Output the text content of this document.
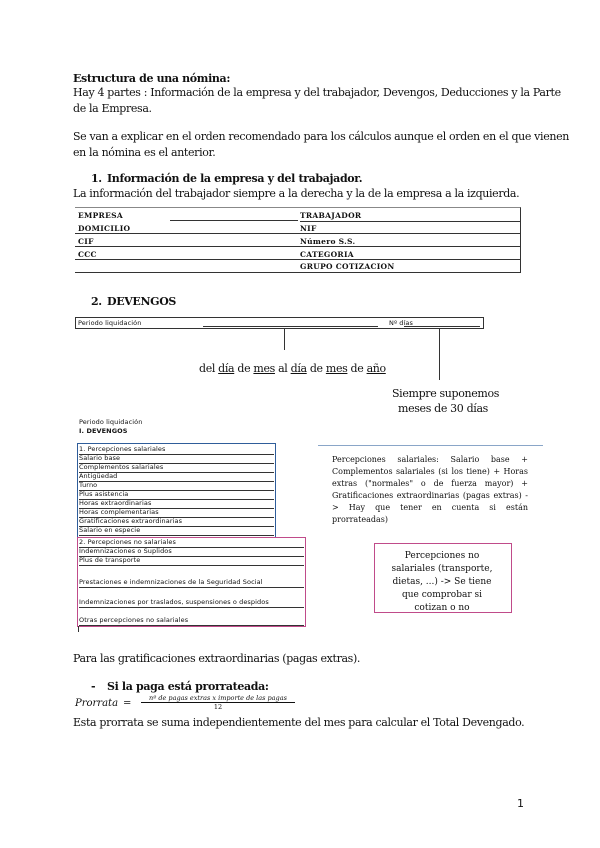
Estructura de una nómina:
Hay 4 partes : Información de la empresa y del trabajador, Devengos, Deducciones y la Parte
de la Empresa.
Se van a explicar en el orden recomendado para los cálculos aunque el orden en el que vienen
en la nómina es el anterior.
1. Información de la empresa y del trabajador.
La información del trabajador siempre a la derecha y la de la empresa a la izquierda.
EMPRESA
DOMICILIO
CIF
CCC
TRABAJADOR
NIF
Número S.S.
CATEGORIA
GRUPO COTIZACION
2. DEVENGOS
Periodo liquidación	Nº días
del día de mes al día de mes de año
Siempre suponemos
meses de 30 días
Periodo liquidación
I. DEVENGOS
1. Percepciones salariales
Salario base
Complementos salariales
Antigüedad
Turno
Plus asistencia
Horas extraordinarias
Horas complementarias
Gratificaciones extraordinarias
Salario en especie
2. Percepciones no salariales
Indemnizaciones o Suplidos
Plus de transporte
Prestaciones e indemnizaciones de la Seguridad Social
Indemnizaciones por traslados, suspensiones o despidos
Otras percepciones no salariales
Percepciones salariales: Salario base + Complementos salariales (si los tiene) + Horas extras ("normales" o de fuerza mayor) + Gratificaciones extraordinarias (pagas extras) -> Hay que tener en cuenta si están prorrateadas)
Percepciones no
salariales (transporte,
dietas, ...) -> Se tiene
que comprobar si
cotizan o no
Para las gratificaciones extraordinarias (pagas extras).
- Si la paga está prorrateada:
Prorrata =	nº de pagas extras x importe de las pagas
12
Esta prorrata se suma independientemente del mes para calcular el Total Devengado.
1
